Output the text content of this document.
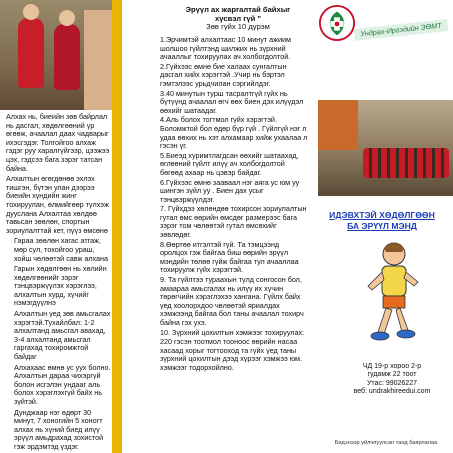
Алхах нь, биеийн зөв байрлал нь дасгал, хөдөлгөөний үр өгөөж, ачаалал даах чадварыг ихэсгэдэг. Толгойгоо алхаж гэдэг руу харалгүйгээр, цээжээ цэх, гэдсээ бага зэрэг татсан байна.

Алхалтын өгөгдөнөө эхлэх тишгэн, бүтэн улан дээрээ биеийн хүндийн жинг тохируулан, өлмийгөөр түлхэж дууслана Алхалтаа хөлдөө тавьсан зөөлөн, спортын зориулалттай кет, пүүз өмсөнө

Гараа зөөлөн хагас атгаж, мөр сул, тохойгоо ураш, хойш чөлөөтэй савж алхана

Гарын хөдөлгөөн нь хөлийн хөдөлгөөнийг зэрэг тэнцвэржүүлэх хэрэглээ, алхалтын хурд, хүчийг нэмэгдүүлнэ

Алхалтын үед зөв амьсгалах хэрэгтэй.Тухайлбал: 1-2 алхалтанд амьсгал авахад, 3-4 алхалтанд амьсгал гаргахад тохиромжтой байдаг

Алхахаас өмнө ус уух болно. Алхалтын дараа чихэргүй болон исгэлэн ундааг аль болох хэрэглэхгүй байх нь зүйтэй.

Дунджаар нэг өдөрт 30 минут, 7 хоногийн 5 хоногт алхах нь хүний биед илүү эрүүл амьдрахад зохистой гэж эрдэмтэд үздэг.

Эрүүл ах жаргалтай байхыг
хүсвэл гүй "
Зөв гүйх 10 дүрэм

1.Эрчимтэй алхалтаас 10 минут ажиим шолшоо гүйлтэнд шилжих нь зүрхний ачааллыг тохируулах ач холбогдолтой.

2.Гүйхээс өмнө бие халаах сунгалтын дасгал хийх хэрэгтэй .Учир нь бэртэл гэмтэлээс урьдчилан сэргийлдэг.

3.40 минутын турш тасралтгүй гүйх нь бүтүүнд ачаалал өгч өөх биен дэх илүүдэл өөхийг шатаадаг.

4.Аль болох тогтмол гүйх хэрэгтэй. Боломжтой бол өдөр бүр гүй . Гүйлгүй нэг л удаа өөхих нь хэт алхамаар хийж ухаалаа л гэсэн үг.

5.Биеэд хуримтлагдсан өөхийг шатаахад, өглөөний гүйлт илүү ач холбогдолтой бөгөөд ахаар нь цэвэр байдаг.

6.Гүйхээс өмнө зааваал нэг аяга ус юм уу шингэн зүйл уу . Биен дах усыг тэнцвэржүүлдэг.

7. Гүйхдээ хөлөндөө тохирсон зориулалтын гутал өмс өөрийн өмсдөг размерээс бага зэрэг том чөлөөтэй гутал өмсөхийг зөвлөдөг.

8.Өөртөө итгэлтэй гүй. Та тэмцээнд оролцох гэж байгаа биш өөрийн эрүүл мэндийн төлөө гүйж байгаа тул ачааллаа тохируулж гүйх хэрэгтэй.

9. Та гүйлтээ тураахын түлд сонгосон бол, амаараа амьсгалах нь илүү их хүчин төрөгчийн хэрэглэхээ хангана. Гүйлх байх үед хоолорхдоо чөлөөтэй яриалдах хэмжээнд байгаа бол таны ачаалал тохирч байна гэх ухэ.

10. Зүрхний цохилтын хэмжээг тохируулах:

220 гэсэн тоотмол тооноос өөрийн насаа хасаад хорыг тогтооход та гүйх үед таны зүрхний цохилтын дээд хүрээг хэмжээ юм. хэмжээг тодорхойлно.

Ундрах-Иргэдийн ЭӨМТ
ИДЭВХТЭЙ ХӨДӨЛГӨӨН
БА ЭРҮҮЛ МЭНД
ЧД 19-р хороо 2-р
гудамж 22 тоот
Утас: 99026227
веб: undrakhireedui.com
Бидэнээр уйлчлуулсан танд баярлалаа
